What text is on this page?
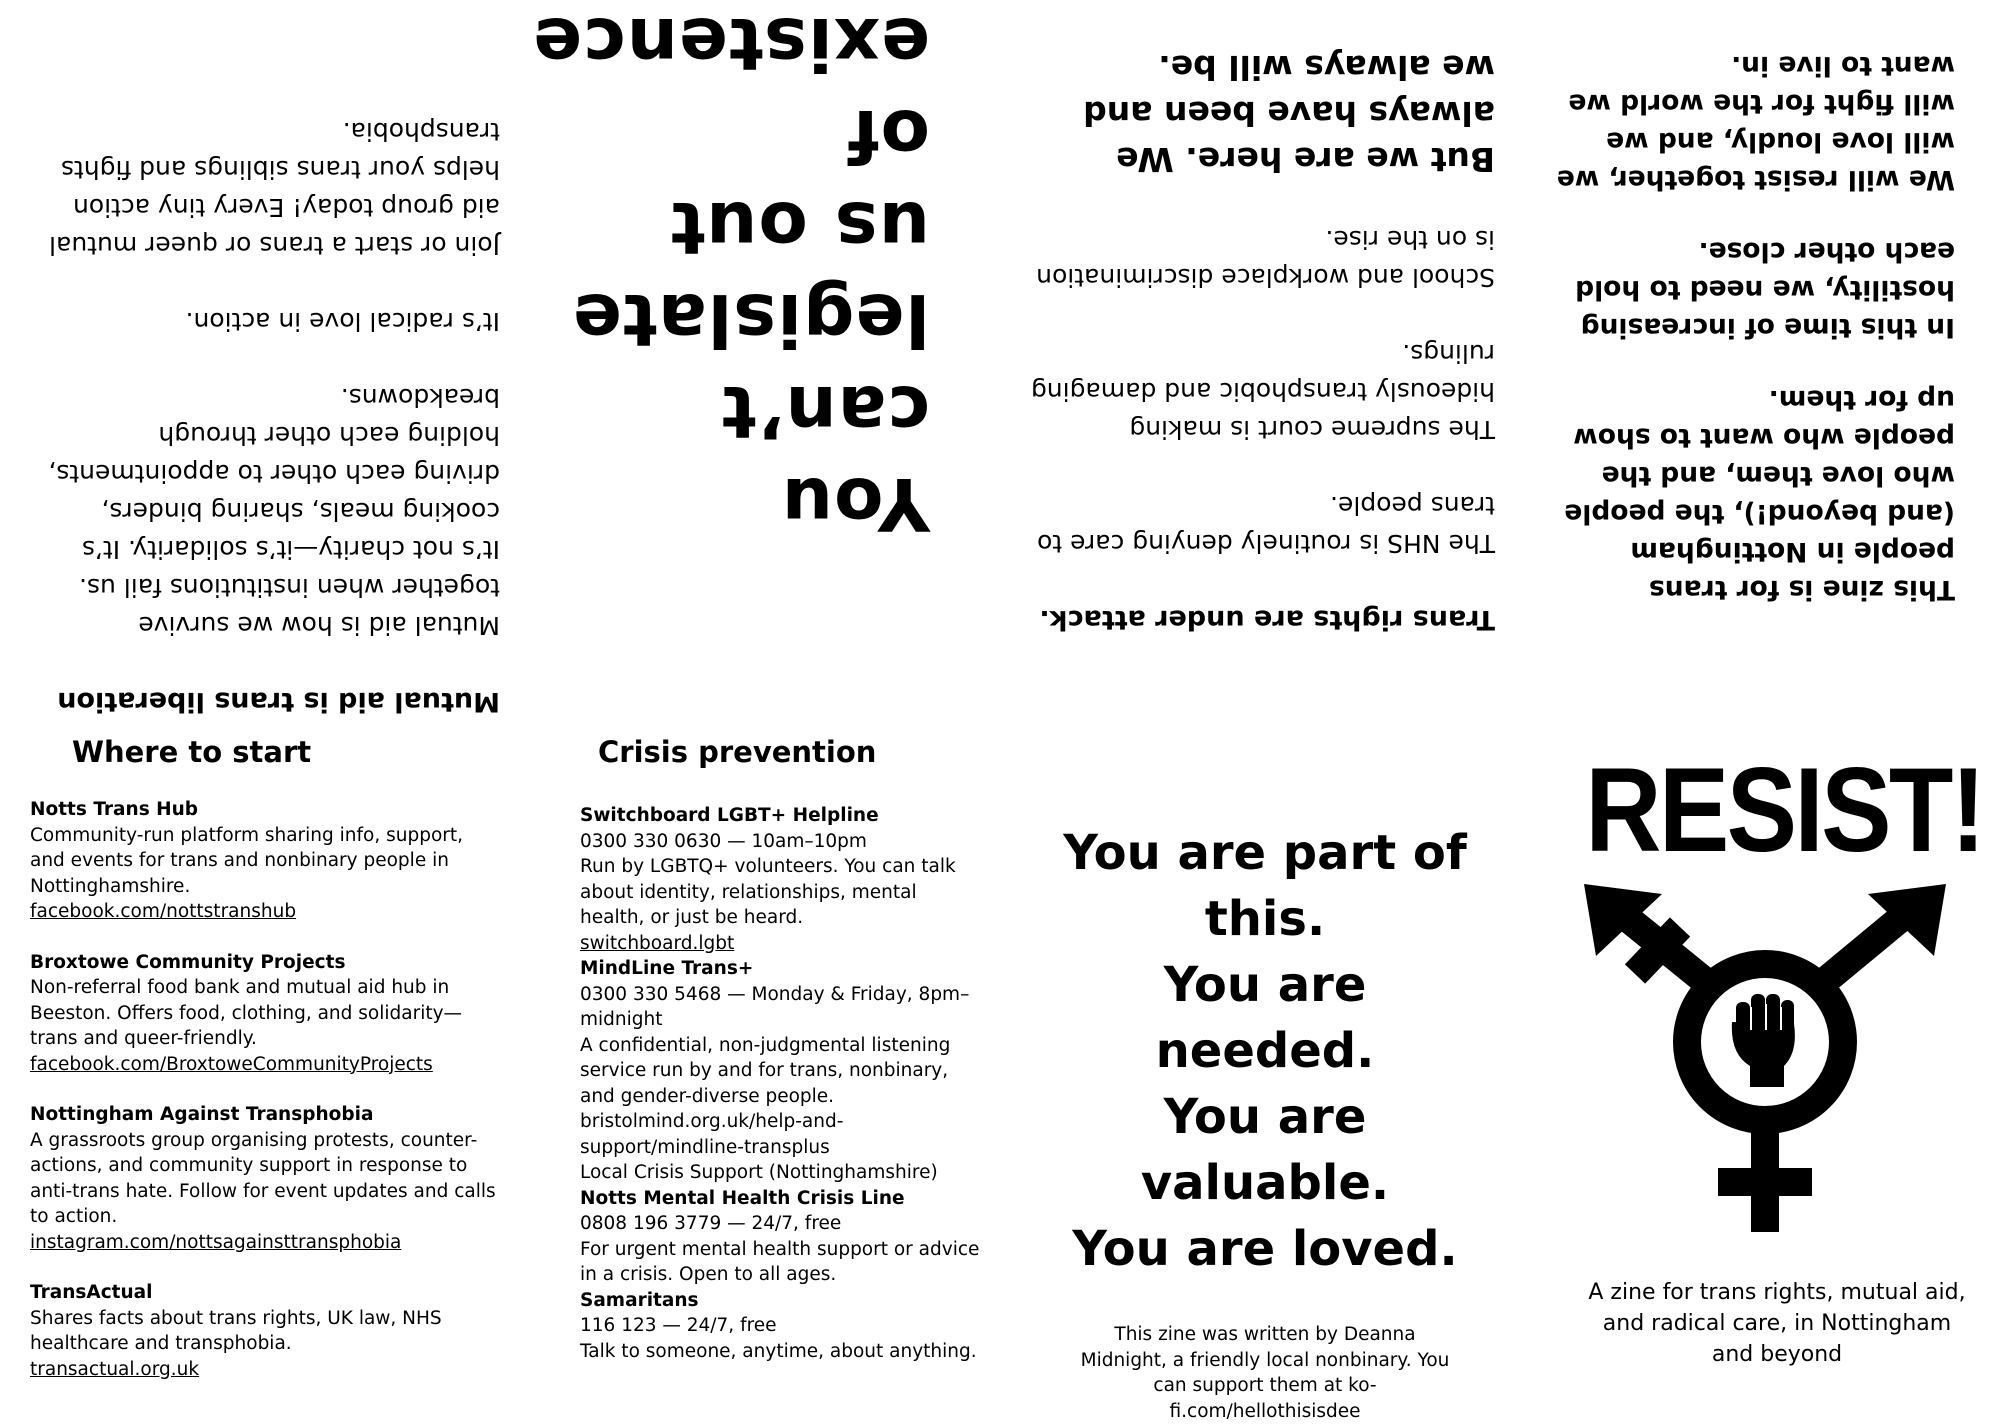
This zine is for trans people in Nottingham (and beyond!), the people who love them, and the people who want to show up for them.

In this time of increasing hostility, we need to hold each other close.

We will resist together, we will love loudly, and we will fight for the world we want to live in.

Trans rights are under attack.

The NHS is routinely denying care to trans people.

The supreme court is making hideously transphobic and damaging rulings.

School and workplace discrimination is on the rise.

But we are here. We always have been and we always will be.

You can’t legislate us out of existence

Mutual aid is trans liberation

Mutual aid is how we survive together when institutions fail us. It’s not charity—it’s solidarity. It’s cooking meals, sharing binders, driving each other to appointments, holding each other through breakdowns.

It’s radical love in action.

Join or start a trans or queer mutual aid group today! Every tiny action helps your trans siblings and fights transphobia.

Where to start
Notts Trans Hub
Community-run platform sharing info, support, and events for trans and nonbinary people in Nottinghamshire.
facebook.com/nottstranshub
Broxtowe Community Projects
Non-referral food bank and mutual aid hub in Beeston. Offers food, clothing, and solidarity—trans and queer-friendly.
facebook.com/BroxtoweCommunityProjects
Nottingham Against Transphobia
A grassroots group organising protests, counter-actions, and community support in response to anti-trans hate. Follow for event updates and calls to action.
instagram.com/nottsagainsttransphobia
TransActual
Shares facts about trans rights, UK law, NHS healthcare and transphobia.
transactual.org.uk
Crisis prevention
Switchboard LGBT+ Helpline
0300 330 0630 — 10am–10pm
Run by LGBTQ+ volunteers. You can talk about identity, relationships, mental health, or just be heard.
switchboard.lgbt
MindLine Trans+
0300 330 5468 — Monday & Friday, 8pm–midnight
A confidential, non-judgmental listening service run by and for trans, nonbinary, and gender-diverse people.
bristolmind.org.uk/help-and-support/mindline-transplus
Local Crisis Support (Nottinghamshire)
Notts Mental Health Crisis Line
0808 196 3779 — 24/7, free
For urgent mental health support or advice in a crisis. Open to all ages.
Samaritans
116 123 — 24/7, free
Talk to someone, anytime, about anything.
You are part of this.
You are needed.
You are valuable.
You are loved.
This zine was written by Deanna Midnight, a friendly local nonbinary. You can support them at ko-fi.com/hellothisisdee
RESIST!
A zine for trans rights, mutual aid, and radical care, in Nottingham and beyond
